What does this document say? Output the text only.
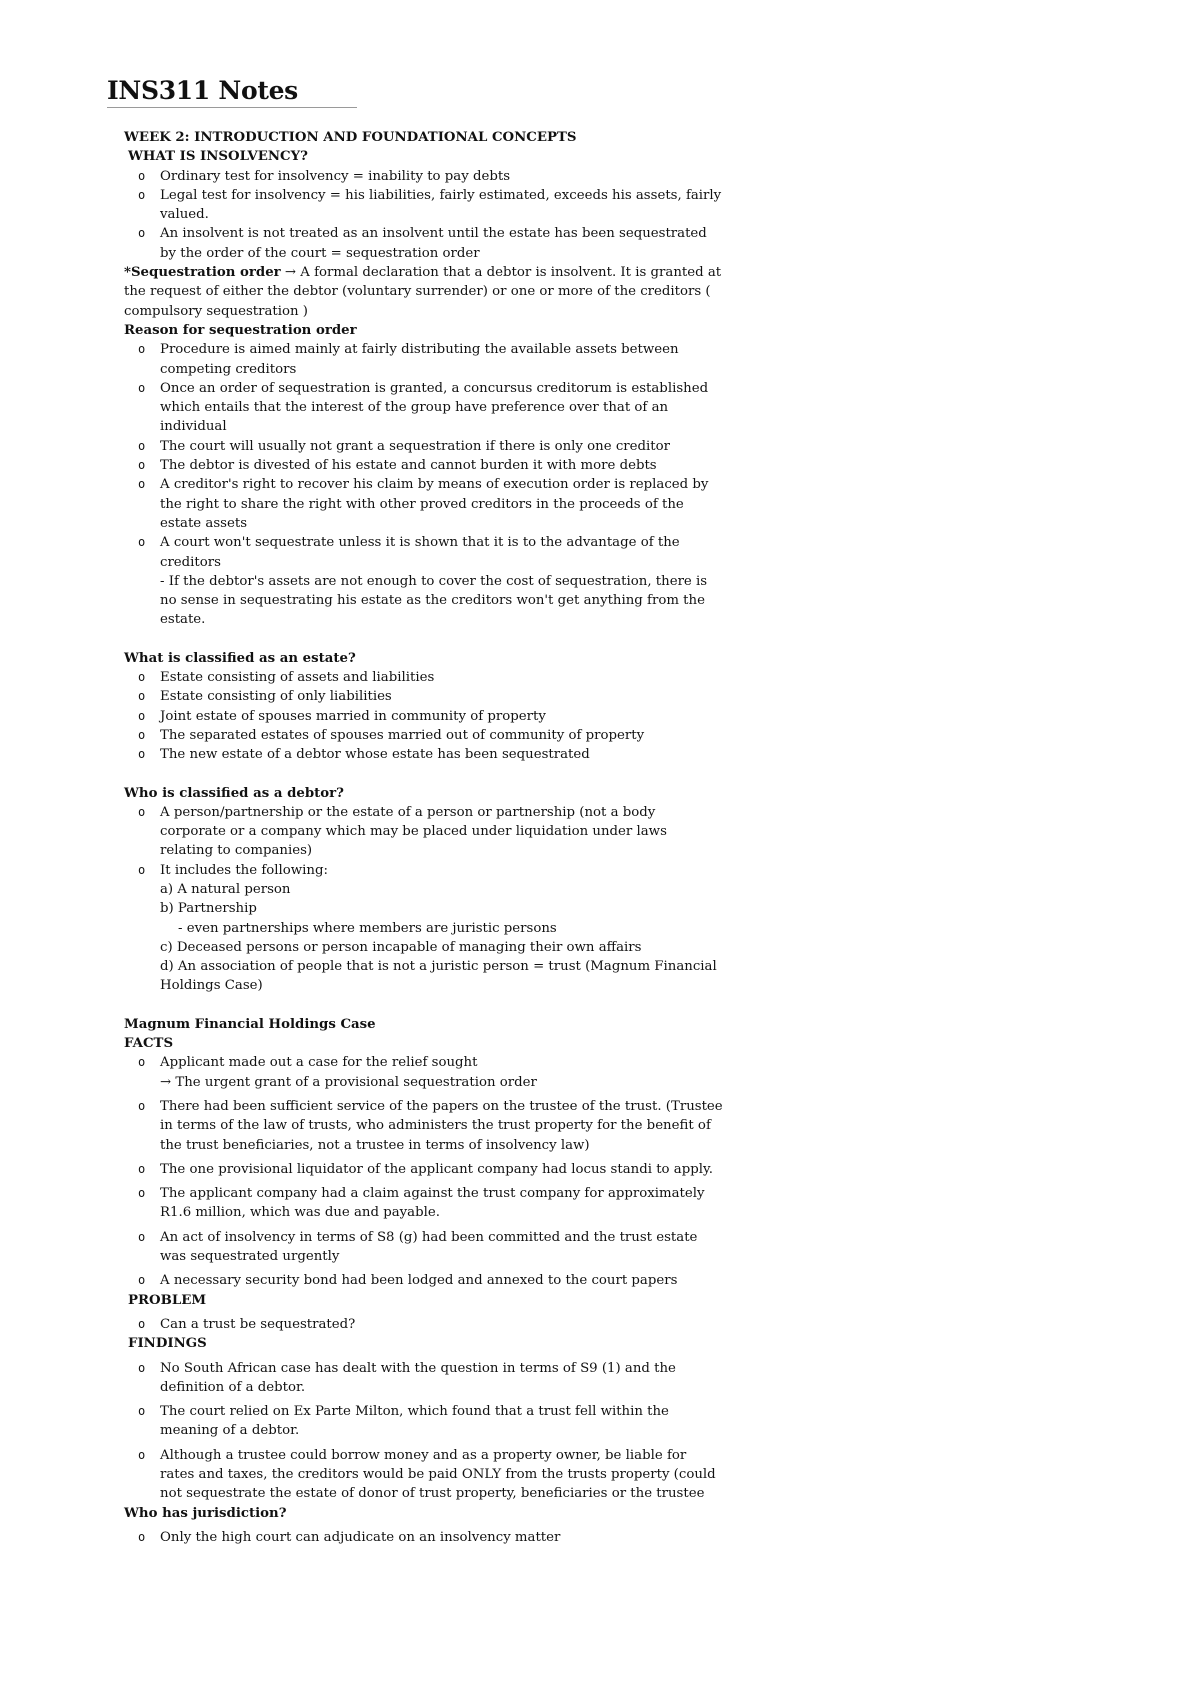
INS311 Notes
WEEK 2: INTRODUCTION AND FOUNDATIONAL CONCEPTS
WHAT IS INSOLVENCY?
o Ordinary test for insolvency = inability to pay debts
o Legal test for insolvency = his liabilities, fairly estimated, exceeds his assets, fairly valued.
o An insolvent is not treated as an insolvent until the estate has been sequestrated by the order of the court = sequestration order
*Sequestration order → A formal declaration that a debtor is insolvent. It is granted at the request of either the debtor (voluntary surrender) or one or more of the creditors ( compulsory sequestration )
Reason for sequestration order
o Procedure is aimed mainly at fairly distributing the available assets between competing creditors
o Once an order of sequestration is granted, a concursus creditorum is established which entails that the interest of the group have preference over that of an individual
o The court will usually not grant a sequestration if there is only one creditor
o The debtor is divested of his estate and cannot burden it with more debts
o A creditor's right to recover his claim by means of execution order is replaced by the right to share the right with other proved creditors in the proceeds of the estate assets
o A court won't sequestrate unless it is shown that it is to the advantage of the creditors
- If the debtor's assets are not enough to cover the cost of sequestration, there is no sense in sequestrating his estate as the creditors won't get anything from the estate.
What is classified as an estate?
o Estate consisting of assets and liabilities
o Estate consisting of only liabilities
o Joint estate of spouses married in community of property
o The separated estates of spouses married out of community of property
o The new estate of a debtor whose estate has been sequestrated
Who is classified as a debtor?
o A person/partnership or the estate of a person or partnership (not a body corporate or a company which may be placed under liquidation under laws relating to companies)
o It includes the following:
a) A natural person
b) Partnership
- even partnerships where members are juristic persons
c) Deceased persons or person incapable of managing their own affairs
d) An association of people that is not a juristic person = trust (Magnum Financial Holdings Case)
Magnum Financial Holdings Case
FACTS
o Applicant made out a case for the relief sought
→ The urgent grant of a provisional sequestration order
o There had been sufficient service of the papers on the trustee of the trust. (Trustee in terms of the law of trusts, who administers the trust property for the benefit of the trust beneficiaries, not a trustee in terms of insolvency law)
o The one provisional liquidator of the applicant company had locus standi to apply.
o The applicant company had a claim against the trust company for approximately R1.6 million, which was due and payable.
o An act of insolvency in terms of S8 (g) had been committed and the trust estate was sequestrated urgently
o A necessary security bond had been lodged and annexed to the court papers
PROBLEM
o Can a trust be sequestrated?
FINDINGS
o No South African case has dealt with the question in terms of S9 (1) and the definition of a debtor.
o The court relied on Ex Parte Milton, which found that a trust fell within the meaning of a debtor.
o Although a trustee could borrow money and as a property owner, be liable for rates and taxes, the creditors would be paid ONLY from the trusts property (could not sequestrate the estate of donor of trust property, beneficiaries or the trustee
Who has jurisdiction?
o Only the high court can adjudicate on an insolvency matter
